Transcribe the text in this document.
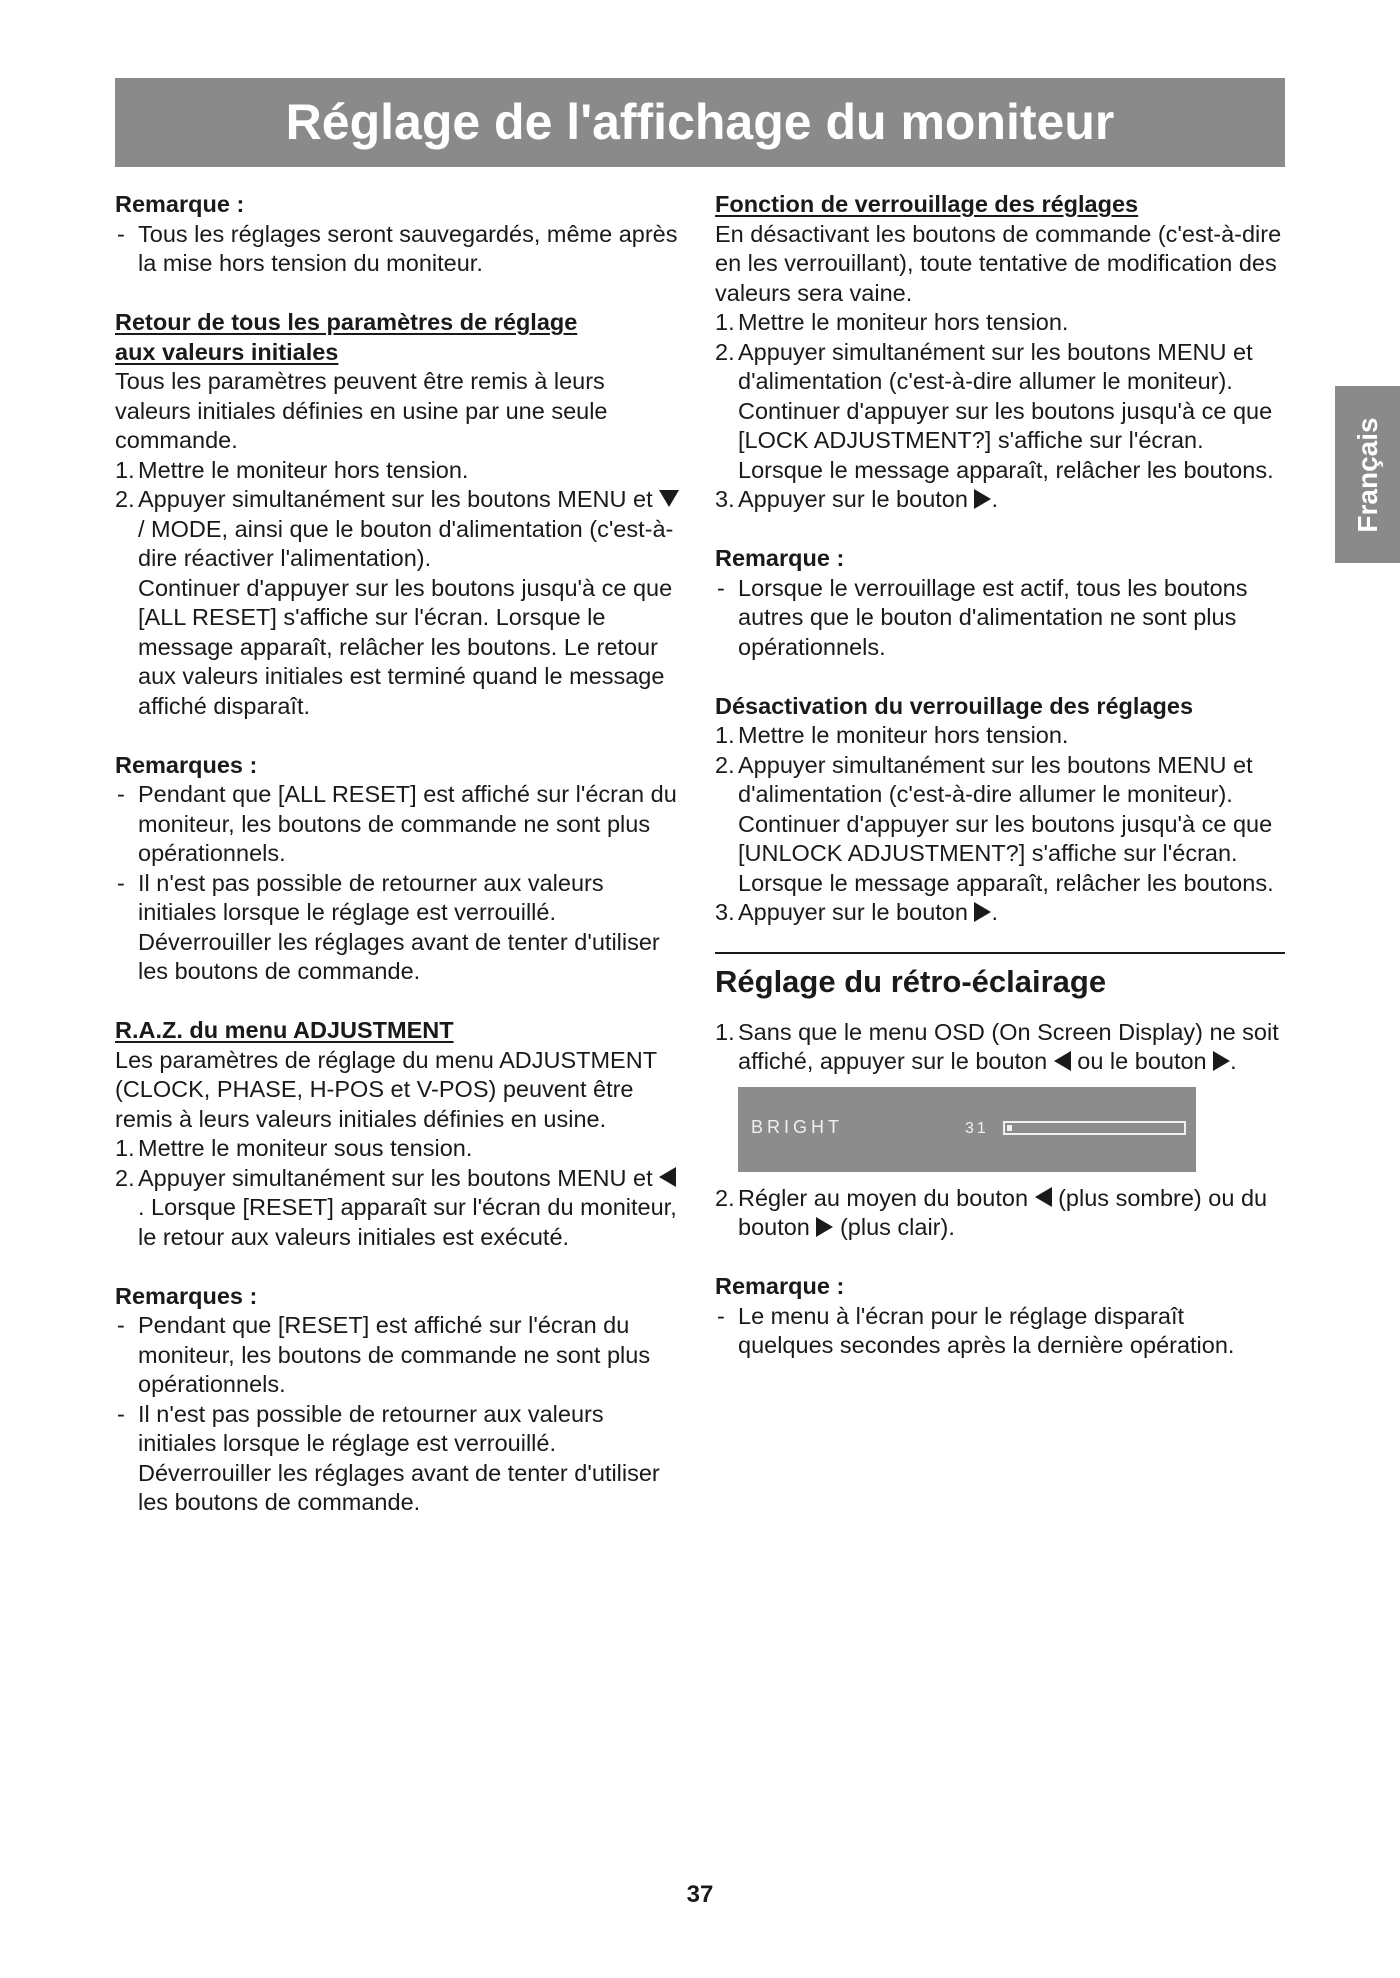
Réglage de l'affichage du moniteur
Français

Remarque :

- Tous les réglages seront sauvegardés, même après la mise hors tension du moniteur.

Retour de tous les paramètres de réglage
aux valeurs initiales

Tous les paramètres peuvent être remis à leurs valeurs initiales définies en usine par une seule commande.

1. Mettre le moniteur hors tension.
2. Appuyer simultanément sur les boutons MENU et  / MODE, ainsi que le bouton d'alimentation (c'est-à-dire réactiver l'alimentation).
Continuer d'appuyer sur les boutons jusqu'à ce que [ALL RESET] s'affiche sur l'écran. Lorsque le message apparaît, relâcher les boutons. Le retour aux valeurs initiales est terminé quand le message affiché disparaît.

Remarques :

- Pendant que [ALL RESET] est affiché sur l'écran du moniteur, les boutons de commande ne sont plus opérationnels.
- Il n'est pas possible de retourner aux valeurs initiales lorsque le réglage est verrouillé. Déverrouiller les réglages avant de tenter d'utiliser les boutons de commande.

R.A.Z. du menu ADJUSTMENT

Les paramètres de réglage du menu ADJUSTMENT (CLOCK, PHASE, H-POS et V-POS) peuvent être remis à leurs valeurs initiales définies en usine.

1. Mettre le moniteur sous tension.
2. Appuyer simultanément sur les boutons MENU et  . Lorsque [RESET] apparaît sur l'écran du moniteur, le retour aux valeurs initiales est exécuté.

Remarques :

- Pendant que [RESET] est affiché sur l'écran du moniteur, les boutons de commande ne sont plus opérationnels.
- Il n'est pas possible de retourner aux valeurs initiales lorsque le réglage est verrouillé. Déverrouiller les réglages avant de tenter d'utiliser les boutons de commande.

Fonction de verrouillage des réglages

En désactivant les boutons de commande (c'est-à-dire en les verrouillant), toute tentative de modification des valeurs sera vaine.

1. Mettre le moniteur hors tension.
2. Appuyer simultanément sur les boutons MENU et d'alimentation (c'est-à-dire allumer le moniteur).
Continuer d'appuyer sur les boutons jusqu'à ce que [LOCK ADJUSTMENT?] s'affiche sur l'écran.
Lorsque le message apparaît, relâcher les boutons.
3. Appuyer sur le bouton .

Remarque :

- Lorsque le verrouillage est actif, tous les boutons autres que le bouton d'alimentation ne sont plus opérationnels.

Désactivation du verrouillage des réglages

1. Mettre le moniteur hors tension.
2. Appuyer simultanément sur les boutons MENU et d'alimentation (c'est-à-dire allumer le moniteur).
Continuer d'appuyer sur les boutons jusqu'à ce que [UNLOCK ADJUSTMENT?] s'affiche sur l'écran.
Lorsque le message apparaît, relâcher les boutons.
3. Appuyer sur le bouton .
Réglage du rétro-éclairage
1. Sans que le menu OSD (On Screen Display) ne soit affiché, appuyer sur le bouton ou le bouton .
BRIGHT	31
2. Régler au moyen du bouton (plus sombre) ou du bouton (plus clair).

Remarque :

- Le menu à l'écran pour le réglage disparaît quelques secondes après la dernière opération.
37
